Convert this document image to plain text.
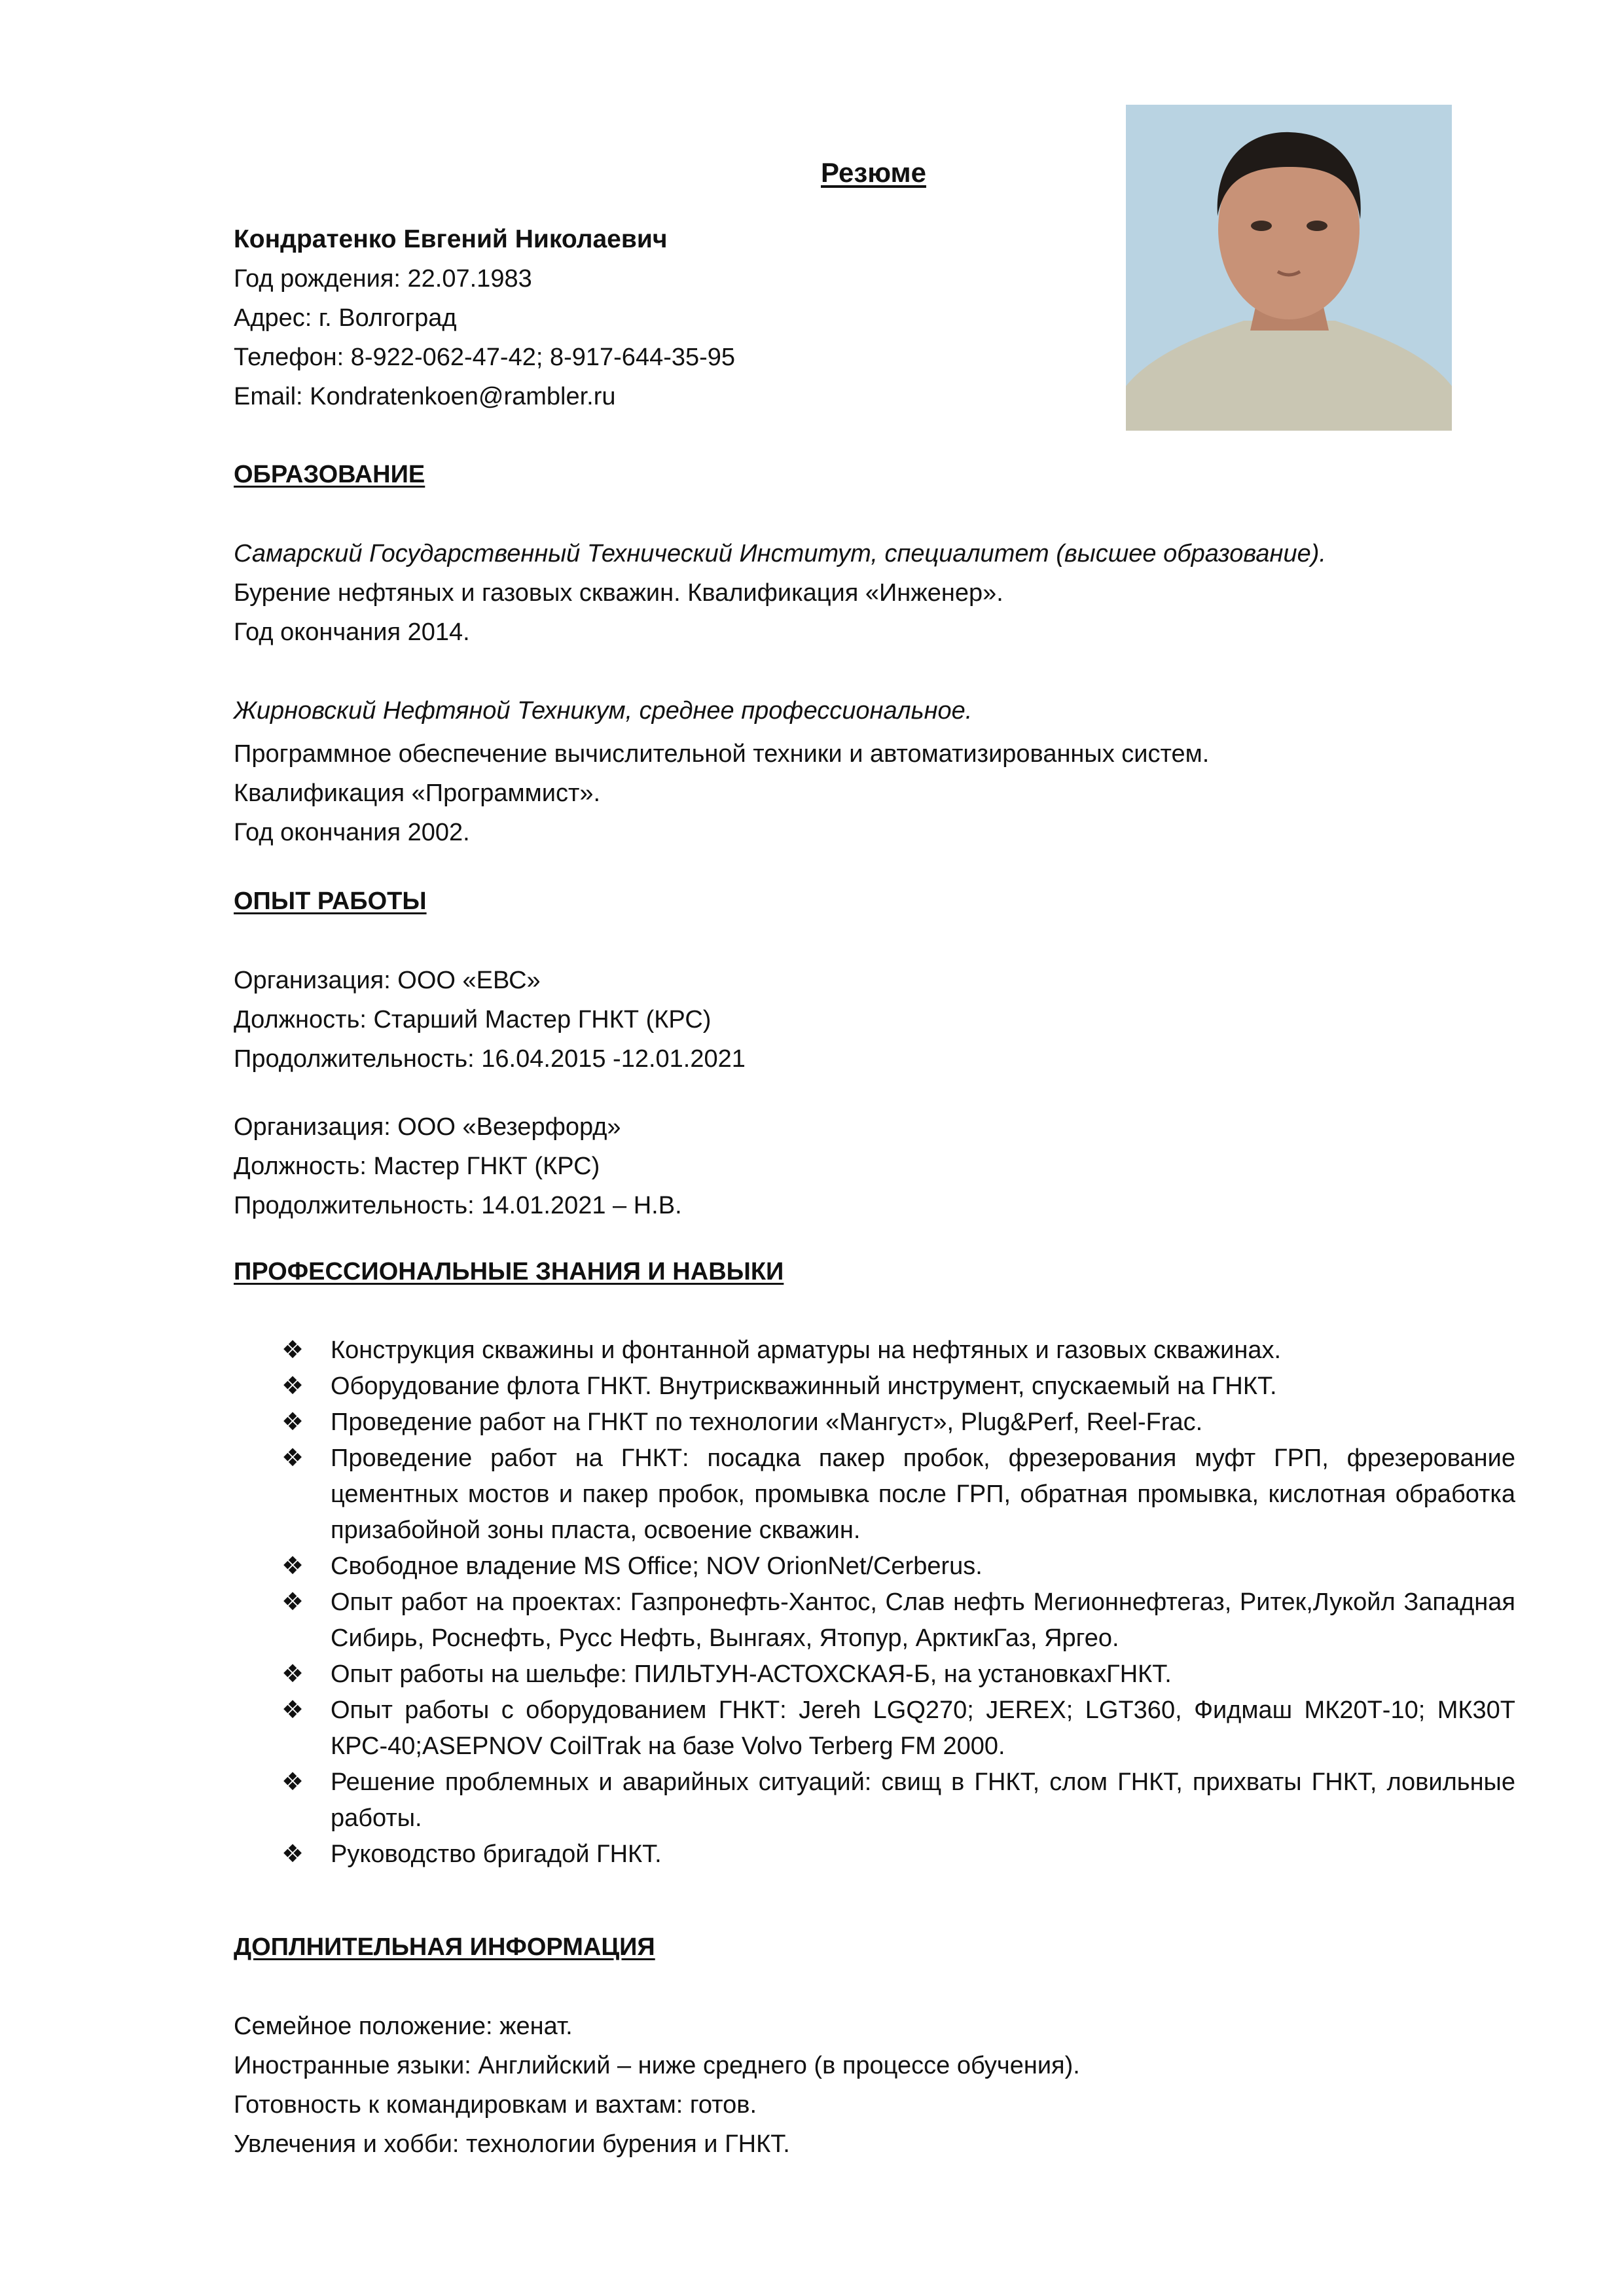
Резюме
Кондратенко Евгений Николаевич
Год рождения: 22.07.1983
Адрес: г. Волгоград
Телефон: 8-922-062-47-42; 8-917-644-35-95
Email: Kondratenkoen@rambler.ru
ОБРАЗОВАНИЕ
Самарский Государственный Технический Институт, специалитет (высшее образование).
Бурение нефтяных и газовых скважин. Квалификация «Инженер».
Год окончания 2014.
Жирновский Нефтяной Техникум, среднее профессиональное.
Программное обеспечение вычислительной техники и автоматизированных систем.
Квалификация «Программист».
Год окончания 2002.
ОПЫТ РАБОТЫ
Организация: ООО «ЕВС»
Должность: Старший Мастер ГНКТ (КРС)
Продолжительность: 16.04.2015 -12.01.2021
Организация: ООО «Везерфорд»
Должность: Мастер ГНКТ (КРС)
Продолжительность: 14.01.2021 – Н.В.
ПРОФЕССИОНАЛЬНЫЕ ЗНАНИЯ И НАВЫКИ
❖ Конструкция скважины и фонтанной арматуры на нефтяных и газовых скважинах.
❖ Оборудование флота ГНКТ. Внутрискважинный инструмент, спускаемый на ГНКТ.
❖ Проведение работ на ГНКТ по технологии «Мангуст», Plug&Perf, Reel-Frac.
❖ Проведение работ на ГНКТ: посадка пакер пробок, фрезерования муфт ГРП, фрезерование цементных мостов и пакер пробок, промывка после ГРП, обратная промывка, кислотная обработка призабойной зоны пласта, освоение скважин.
❖ Свободное владение MS Office; NOV OrionNet/Cerberus.
❖ Опыт работ на проектах: Газпронефть-Хантос, Слав нефть Мегионнефтегаз, Ритек,Лукойл Западная Сибирь, Роснефть, Русс Нефть, Вынгаях, Ятопур, АрктикГаз, Яргео.
❖ Опыт работы на шельфе: ПИЛЬТУН-АСТОХСКАЯ-Б, на установкахГНКТ.
❖ Опыт работы с оборудованием ГНКТ: Jereh LGQ270; JEREX; LGT360, Фидмаш МК20Т-10; МК30Т КРС-40;ASEPNOV CoilTrak на базе Volvo Terberg FM 2000.
❖ Решение проблемных и аварийных ситуаций: свищ в ГНКТ, слом ГНКТ, прихваты ГНКТ, ловильные работы.
❖ Руководство бригадой ГНКТ.
ДОПЛНИТЕЛЬНАЯ ИНФОРМАЦИЯ
Семейное положение: женат.
Иностранные языки: Английский – ниже среднего (в процессе обучения).
Готовность к командировкам и вахтам: готов.
Увлечения и хобби: технологии бурения и ГНКТ.
